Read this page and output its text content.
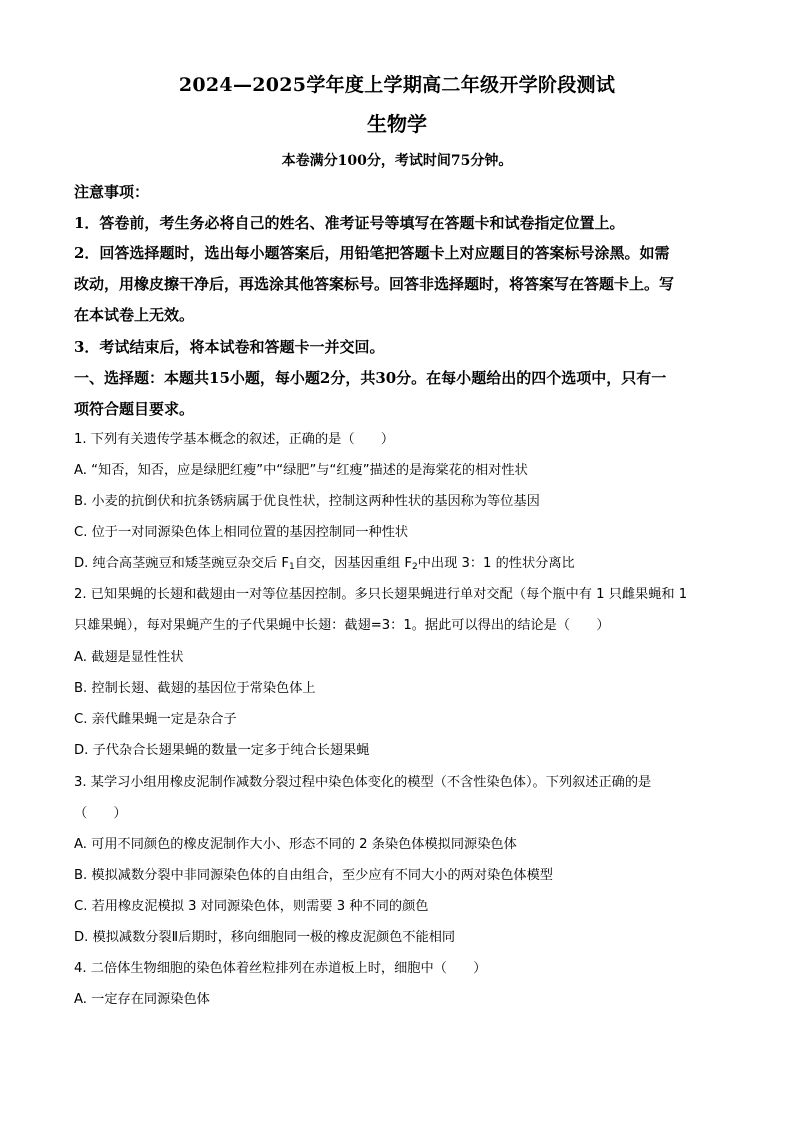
2024—2025学年度上学期高二年级开学阶段测试
生物学
本卷满分100分，考试时间75分钟。
注意事项：
1．答卷前，考生务必将自己的姓名、准考证号等填写在答题卡和试卷指定位置上。
2．回答选择题时，选出每小题答案后，用铅笔把答题卡上对应题目的答案标号涂黑。如需
改动，用橡皮擦干净后，再选涂其他答案标号。回答非选择题时，将答案写在答题卡上。写
在本试卷上无效。
3．考试结束后，将本试卷和答题卡一并交回。
一、选择题：本题共15小题，每小题2分，共30分。在每小题给出的四个选项中，只有一
项符合题目要求。
1. 下列有关遗传学基本概念的叙述，正确的是（　　）
A. “知否，知否，应是绿肥红瘦”中“绿肥”与“红瘦”描述的是海棠花的相对性状
B. 小麦的抗倒伏和抗条锈病属于优良性状，控制这两种性状的基因称为等位基因
C. 位于一对同源染色体上相同位置的基因控制同一种性状
D. 纯合高茎豌豆和矮茎豌豆杂交后 $F_1$自交，因基因重组 $F_2$中出现 3：1 的性状分离比
2. 已知果蝇的长翅和截翅由一对等位基因控制。多只长翅果蝇进行单对交配（每个瓶中有 1 只雌果蝇和 1
只雄果蝇），每对果蝇产生的子代果蝇中长翅：截翅=3：1。据此可以得出的结论是（　　）
A. 截翅是显性性状
B. 控制长翅、截翅的基因位于常染色体上
C. 亲代雌果蝇一定是杂合子
D. 子代杂合长翅果蝇的数量一定多于纯合长翅果蝇
3. 某学习小组用橡皮泥制作减数分裂过程中染色体变化的模型（不含性染色体）。下列叙述正确的是
（　　）
A. 可用不同颜色的橡皮泥制作大小、形态不同的 2 条染色体模拟同源染色体
B. 模拟减数分裂中非同源染色体的自由组合，至少应有不同大小的两对染色体模型
C. 若用橡皮泥模拟 3 对同源染色体，则需要 3 种不同的颜色
D. 模拟减数分裂Ⅱ后期时，移向细胞同一极的橡皮泥颜色不能相同
4. 二倍体生物细胞的染色体着丝粒排列在赤道板上时，细胞中（　　）
A. 一定存在同源染色体
